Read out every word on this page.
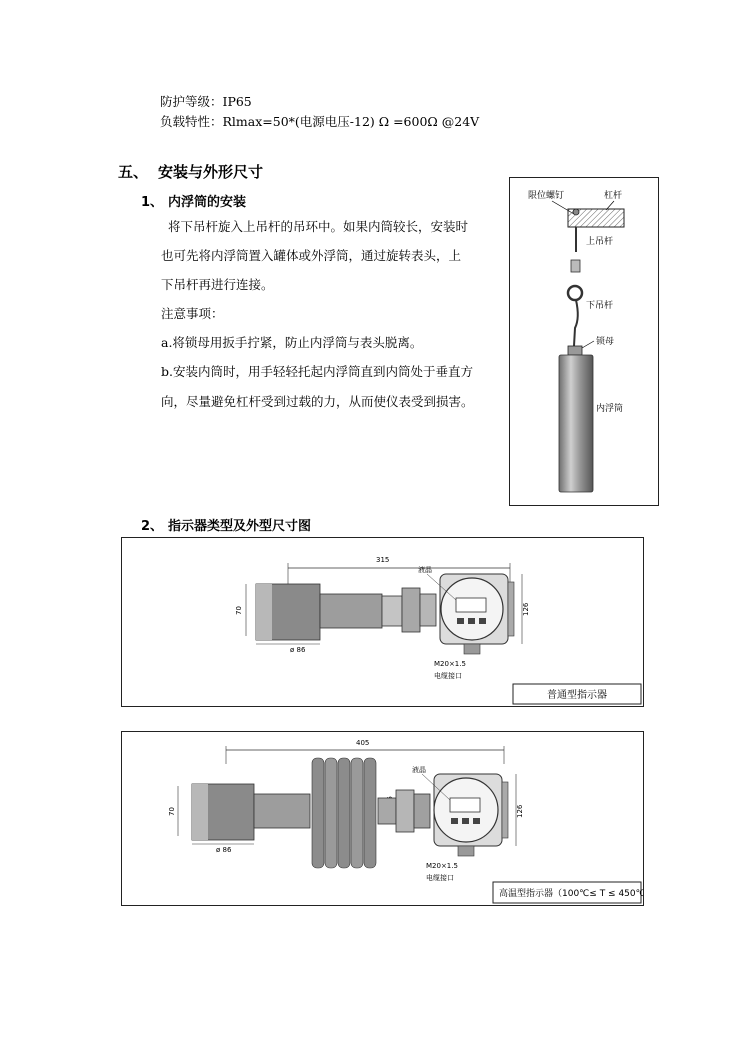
防护等级：IP65
负载特性：Rlmax=50*(电源电压-12) Ω =600Ω @24V
五、 安装与外形尺寸
1、 内浮筒的安装
将下吊杆旋入上吊杆的吊环中。如果内筒较长，安装时
也可先将内浮筒置入罐体或外浮筒，通过旋转表头，上
下吊杆再进行连接。
注意事项：
a.将锁母用扳手拧紧，防止内浮筒与表头脱离。
b.安装内筒时，用手轻轻托起内浮筒直到内筒处于垂直方
向，尽量避免杠杆受到过载的力，从而使仪表受到损害。
限位螺钉	杠杆
上吊杆
下吊杆
锁母
内浮筒
2、 指示器类型及外型尺寸图
315
70
ø 86
液晶
126
M20×1.5
电缆接口
普通型指示器
405
70
ø 86
液晶
126
M20×1.5
电缆接口
高温型指示器（100℃≤ T ≤ 450℃）
